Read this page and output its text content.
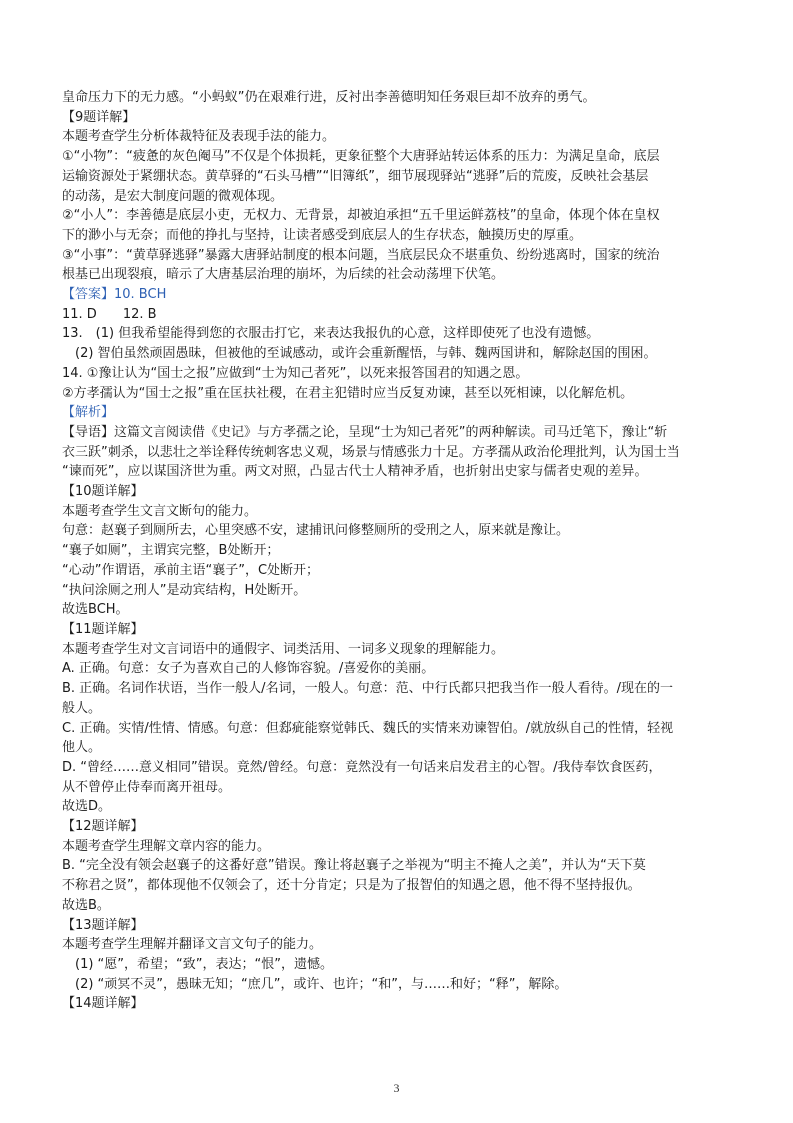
皇命压力下的无力感。“小蚂蚁”仍在艰难行进，反衬出李善德明知任务艰巨却不放弃的勇气。
【9题详解】
本题考查学生分析体裁特征及表现手法的能力。
①“小物”：“疲惫的灰色阉马”不仅是个体损耗，更象征整个大唐驿站转运体系的压力：为满足皇命，底层
运输资源处于紧绷状态。黄草驿的“石头马槽”“旧簿纸”，细节展现驿站“逃驿”后的荒废，反映社会基层
的动荡，是宏大制度问题的微观体现。
②“小人”：李善德是底层小吏，无权力、无背景，却被迫承担“五千里运鲜荔枝”的皇命，体现个体在皇权
下的渺小与无奈；而他的挣扎与坚持，让读者感受到底层人的生存状态，触摸历史的厚重。
③“小事”：“黄草驿逃驿”暴露大唐驿站制度的根本问题，当底层民众不堪重负、纷纷逃离时，国家的统治
根基已出现裂痕，暗示了大唐基层治理的崩坏，为后续的社会动荡埋下伏笔。
【答案】10. BCH
11. D　　12. B
13.　(1) 但我希望能得到您的衣服击打它，来表达我报仇的心意，这样即使死了也没有遗憾。
　(2) 智伯虽然顽固愚昧，但被他的至诚感动，或许会重新醒悟，与韩、魏两国讲和，解除赵国的围困。
14. ①豫让认为“国士之报”应做到“士为知己者死”，以死来报答国君的知遇之恩。
②方孝孺认为“国士之报”重在匡扶社稷，在君主犯错时应当反复劝谏，甚至以死相谏，以化解危机。
【解析】
【导语】这篇文言阅读借《史记》与方孝孺之论，呈现“士为知己者死”的两种解读。司马迁笔下，豫让“斩
衣三跃”刺杀，以悲壮之举诠释传统刺客忠义观，场景与情感张力十足。方孝孺从政治伦理批判，认为国士当
“谏而死”，应以谋国济世为重。两文对照，凸显古代士人精神矛盾，也折射出史家与儒者史观的差异。
【10题详解】
本题考查学生文言文断句的能力。
句意：赵襄子到厕所去，心里突感不安，逮捕讯问修整厕所的受刑之人，原来就是豫让。
“襄子如厕”，主谓宾完整，B处断开；
“心动”作谓语，承前主语“襄子”，C处断开；
“执问涂厕之刑人”是动宾结构，H处断开。
故选BCH。
【11题详解】
本题考查学生对文言词语中的通假字、词类活用、一词多义现象的理解能力。
A. 正确。句意：女子为喜欢自己的人修饰容貌。/喜爱你的美丽。
B. 正确。名词作状语，当作一般人/名词，一般人。句意：范、中行氏都只把我当作一般人看待。/现在的一
般人。
C. 正确。实情/性情、情感。句意：但郄疵能察觉韩氏、魏氏的实情来劝谏智伯。/就放纵自己的性情，轻视
他人。
D. “曾经……意义相同”错误。竟然/曾经。句意：竟然没有一句话来启发君主的心智。/我侍奉饮食医药，
从不曾停止侍奉而离开祖母。
故选D。
【12题详解】
本题考查学生理解文章内容的能力。
B. “完全没有领会赵襄子的这番好意”错误。豫让将赵襄子之举视为“明主不掩人之美”，并认为“天下莫
不称君之贤”，都体现他不仅领会了，还十分肯定；只是为了报智伯的知遇之恩，他不得不坚持报仇。
故选B。
【13题详解】
本题考查学生理解并翻译文言文句子的能力。
　(1) “愿”，希望；“致”，表达；“恨”，遗憾。
　(2) “顽冥不灵”，愚昧无知；“庶几”，或许、也许；“和”，与……和好；“释”，解除。
【14题详解】
3
